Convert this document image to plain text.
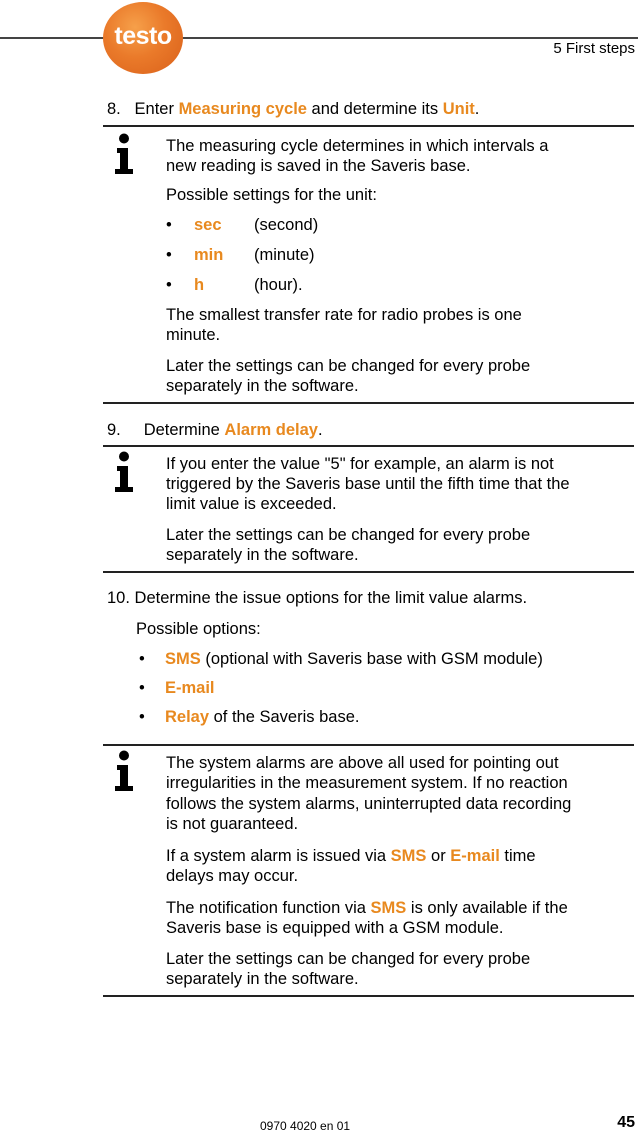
testo	5 First steps
8. Enter Measuring cycle and determine its Unit.
The measuring cycle determines in which intervals a
new reading is saved in the Saveris base.
Possible settings for the unit:
• sec (second)
• min (minute)
• h	(hour).
The smallest transfer rate for radio probes is one
minute.
Later the settings can be changed for every probe
separately in the software.
9. Determine Alarm delay.
If you enter the value "5" for example, an alarm is not
triggered by the Saveris base until the fifth time that the
limit value is exceeded.
Later the settings can be changed for every probe
separately in the software.
10. Determine the issue options for the limit value alarms.
Possible options:
• SMS (optional with Saveris base with GSM module)
• E-mail
• Relay of the Saveris base.
The system alarms are above all used for pointing out
irregularities in the measurement system. If no reaction
follows the system alarms, uninterrupted data recording
is not guaranteed.
If a system alarm is issued via SMS or E-mail time
delays may occur.
The notification function via SMS is only available if the
Saveris base is equipped with a GSM module.
Later the settings can be changed for every probe
separately in the software.
0970 4020 en 01	45
